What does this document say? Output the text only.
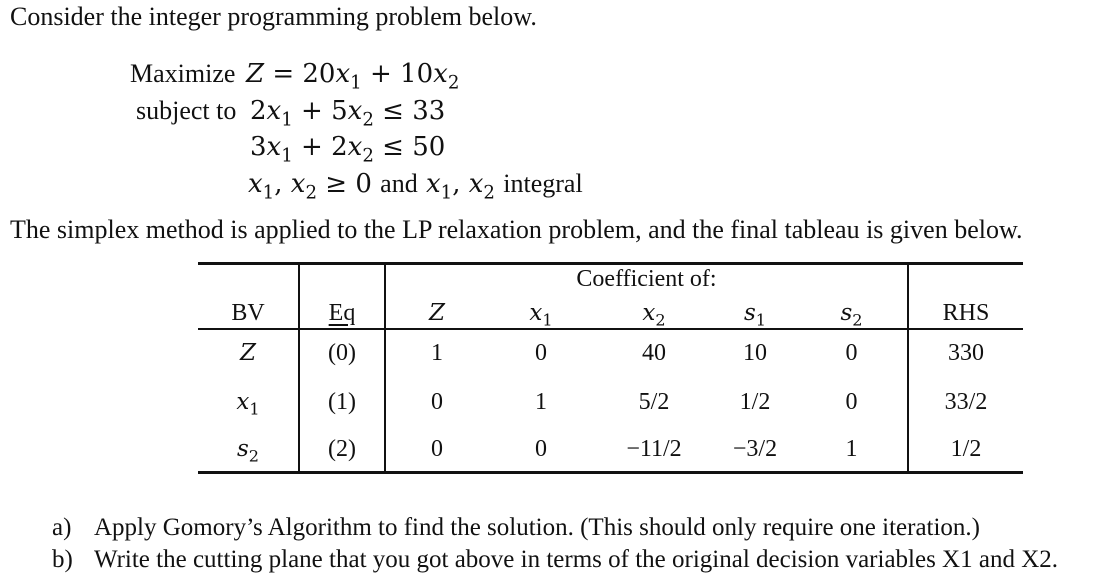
Consider the integer programming problem below.
Maximize $Z = 20x_1 + 10x_2$
subject to $2x_1 + 5x_2 \le 33$
$3x_1 + 2x_2 \le 50$
$x_1$, $x_2 \ge 0$ and $x_1$, $x_2$ integral
The simplex method is applied to the LP relaxation problem, and the final tableau is given below.
Coefficient of:
BV	Eq	Z	$x_1$	$x_2$	$s_1$	$s_2$	RHS
Z	(0)	1	0	40	10	0	330
$x_1$	(1)	0	1	5/2	1/2	0	33/2
$s_2$	(2)	0	0	−11/2	−3/2	1	1/2
a) Apply Gomory’s Algorithm to find the solution. (This should only require one iteration.)
b) Write the cutting plane that you got above in terms of the original decision variables X1 and X2.
